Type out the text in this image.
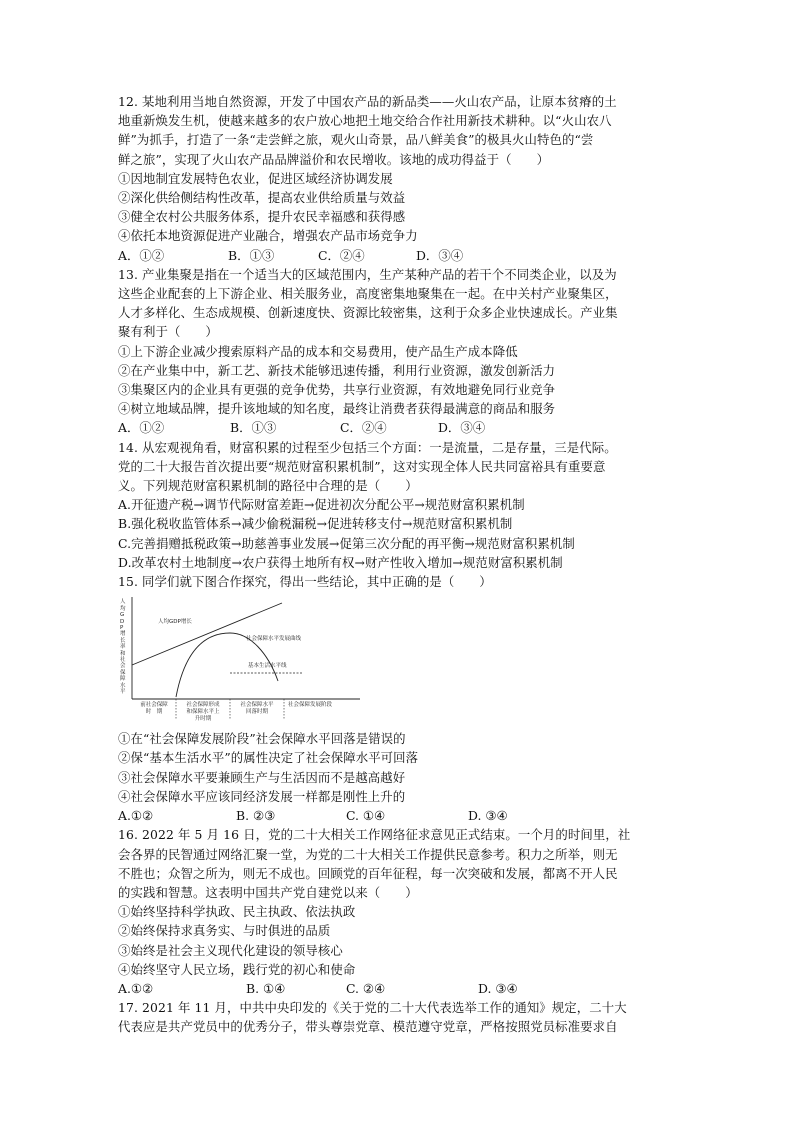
12. 某地利用当地自然资源，开发了中国农产品的新品类——火山农产品，让原本贫瘠的土
地重新焕发生机，使越来越多的农户放心地把土地交给合作社用新技术耕种。以“火山农八
鲜”为抓手，打造了一条“走尝鲜之旅，观火山奇景，品八鲜美食”的极具火山特色的“尝
鲜之旅”，实现了火山农产品品牌溢价和农民增收。该地的成功得益于（　　）
①因地制宜发展特色农业，促进区域经济协调发展
②深化供给侧结构性改革，提高农业供给质量与效益
③健全农村公共服务体系，提升农民幸福感和获得感
④依托本地资源促进产业融合，增强农产品市场竞争力
A．①②	B．①③	C．②④	D．③④
13. 产业集聚是指在一个适当大的区域范围内，生产某种产品的若干个不同类企业，以及为
这些企业配套的上下游企业、相关服务业，高度密集地聚集在一起。在中关村产业聚集区，
人才多样化、生态成规模、创新速度快、资源比较密集，这利于众多企业快速成长。产业集
聚有利于（　　）
①上下游企业减少搜索原料产品的成本和交易费用，使产品生产成本降低
②在产业集中中，新工艺、新技术能够迅速传播，利用行业资源，激发创新活力
③集聚区内的企业具有更强的竞争优势，共享行业资源，有效地避免同行业竞争
④树立地域品牌，提升该地域的知名度，最终让消费者获得最满意的商品和服务
A．①②	B．①③	C．②④	D．③④
14. 从宏观视角看，财富积累的过程至少包括三个方面：一是流量，二是存量，三是代际。
党的二十大报告首次提出要“规范财富积累机制”，这对实现全体人民共同富裕具有重要意
义。下列规范财富积累机制的路径中合理的是（　　）
A.开征遗产税→调节代际财富差距→促进初次分配公平→规范财富积累机制
B.强化税收监管体系→减少偷税漏税→促进转移支付→规范财富积累机制
C.完善捐赠抵税政策→助慈善事业发展→促第三次分配的再平衡→规范财富积累机制
D.改革农村土地制度→农户获得土地所有权→财产性收入增加→规范财富积累机制
15. 同学们就下图合作探究，得出一些结论，其中正确的是（　　）
人均GDP增长率和社会保障水平
人均GDP增长
社会保障水平发展曲线
基本生活水平线
前社会保障
时　期
社会保障形成
和保障水平上
升时期
社会保障水平
回落时期
社会保障发展阶段
①在“社会保障发展阶段”社会保障水平回落是错误的
②保“基本生活水平”的属性决定了社会保障水平可回落
③社会保障水平要兼顾生产与生活因而不是越高越好
④社会保障水平应该同经济发展一样都是刚性上升的
A.①②	B. ②③	C. ①④	D. ③④
16. 2022 年 5 月 16 日，党的二十大相关工作网络征求意见正式结束。一个月的时间里，社
会各界的民智通过网络汇聚一堂，为党的二十大相关工作提供民意参考。积力之所举，则无
不胜也；众智之所为，则无不成也。回顾党的百年征程，每一次突破和发展，都离不开人民
的实践和智慧。这表明中国共产党自建党以来（　　）
①始终坚持科学执政、民主执政、依法执政
②始终保持求真务实、与时俱进的品质
③始终是社会主义现代化建设的领导核心
④始终坚守人民立场，践行党的初心和使命
A.①②	B. ①④	C. ②④	D. ③④
17. 2021 年 11 月，中共中央印发的《关于党的二十大代表选举工作的通知》规定，二十大
代表应是共产党员中的优秀分子，带头尊崇党章、模范遵守党章，严格按照党员标准要求自
